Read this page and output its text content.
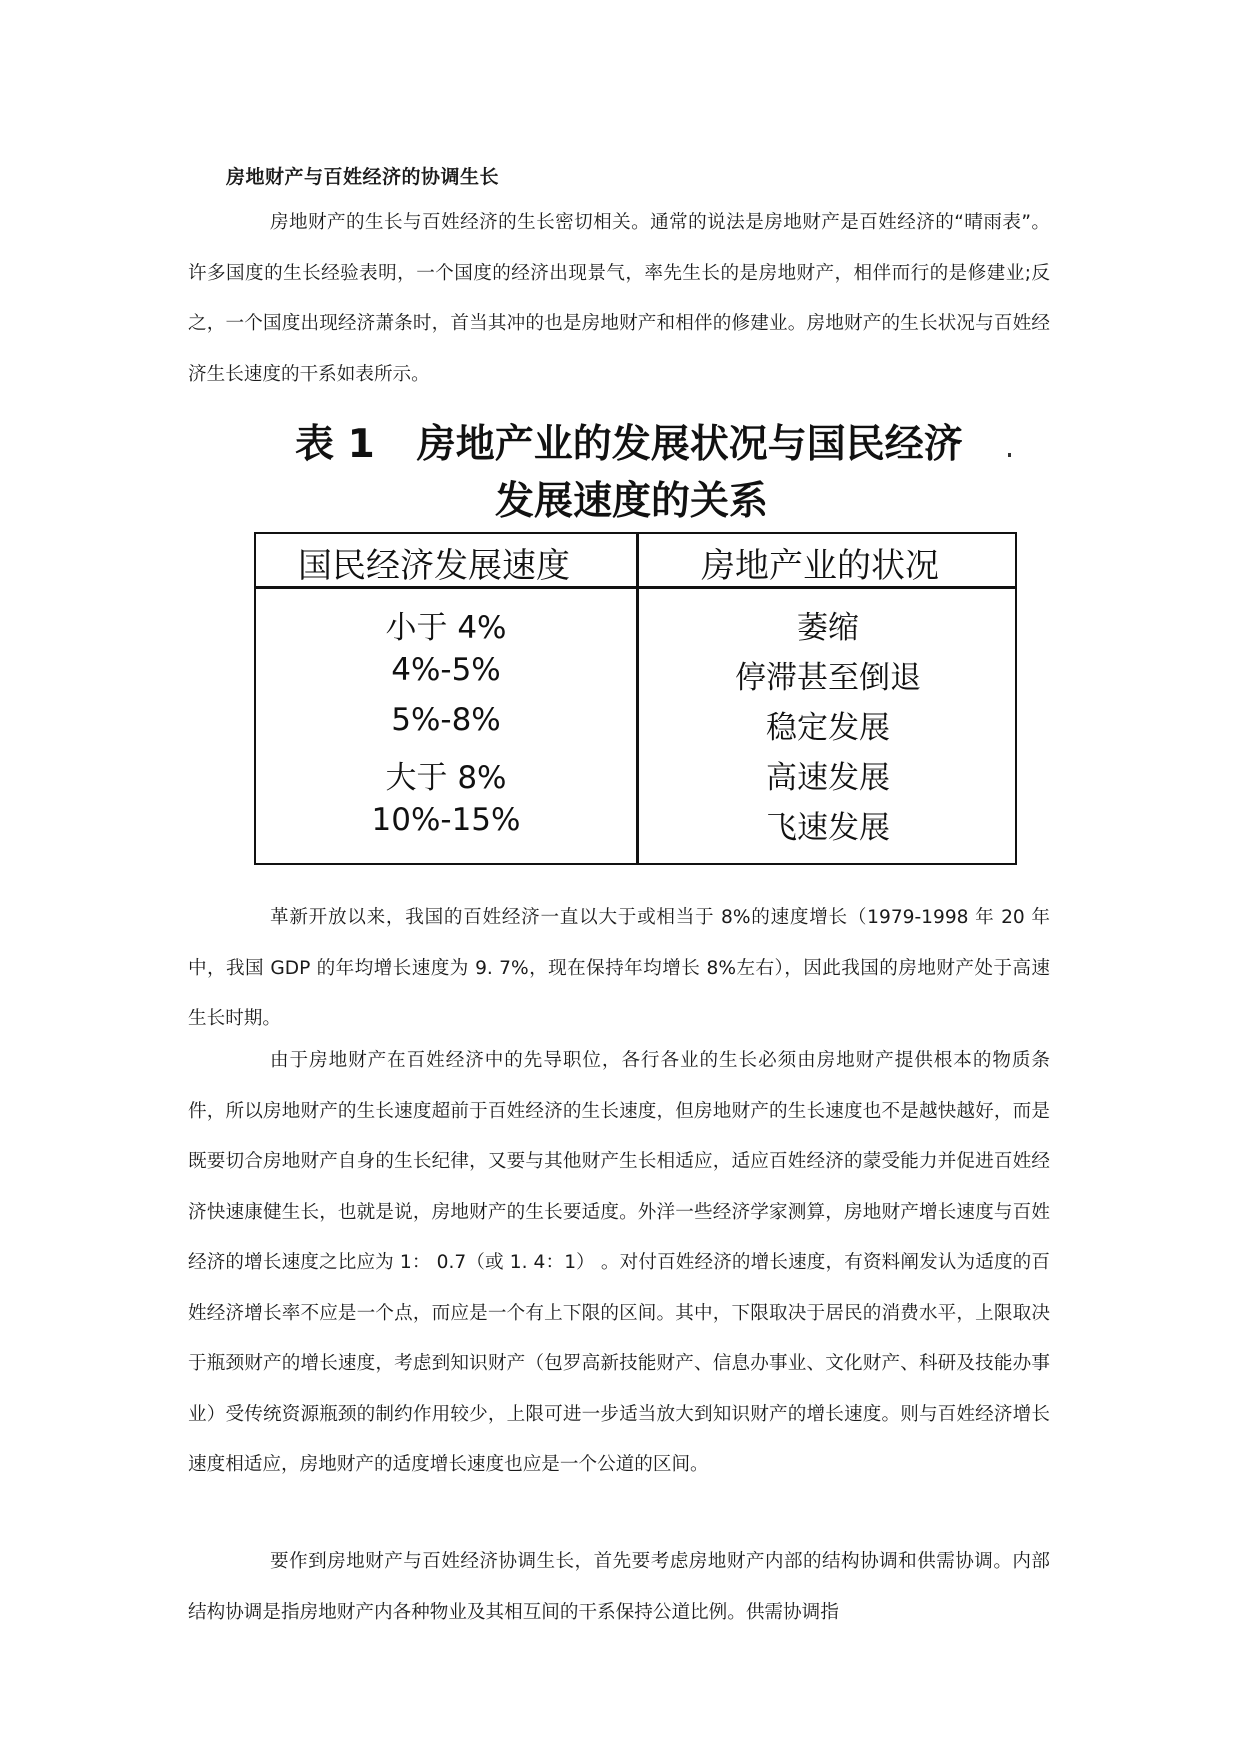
房地财产与百姓经济的协调生长

房地财产的生长与百姓经济的生长密切相关。通常的说法是房地财产是百姓经济的“晴雨表”。许多国度的生长经验表明，一个国度的经济出现景气，率先生长的是房地财产，相伴而行的是修建业;反之，一个国度出现经济萧条时，首当其冲的也是房地财产和相伴的修建业。房地财产的生长状况与百姓经济生长速度的干系如表所示。

表 1 房地产业的发展状况与国民经济
发展速度的关系
国民经济发展速度	房地产业的状况
小于 4%	萎缩
4%-5%	停滞甚至倒退
5%-8%	稳定发展
大于 8%	高速发展
10%-15%	飞速发展

革新开放以来，我国的百姓经济一直以大于或相当于 8%的速度增长（1979-1998 年 20 年中，我国 GDP 的年均增长速度为 9. 7%，现在保持年均增长 8%左右），因此我国的房地财产处于高速生长时期。

由于房地财产在百姓经济中的先导职位，各行各业的生长必须由房地财产提供根本的物质条件，所以房地财产的生长速度超前于百姓经济的生长速度，但房地财产的生长速度也不是越快越好，而是既要切合房地财产自身的生长纪律，又要与其他财产生长相适应，适应百姓经济的蒙受能力并促进百姓经济快速康健生长，也就是说，房地财产的生长要适度。外洋一些经济学家测算，房地财产增长速度与百姓经济的增长速度之比应为 1： 0.7（或 1. 4：1） 。对付百姓经济的增长速度，有资料阐发认为适度的百姓经济增长率不应是一个点，而应是一个有上下限的区间。其中，下限取决于居民的消费水平，上限取决于瓶颈财产的增长速度，考虑到知识财产（包罗高新技能财产、信息办事业、文化财产、科研及技能办事业）受传统资源瓶颈的制约作用较少，上限可进一步适当放大到知识财产的增长速度。则与百姓经济增长速度相适应，房地财产的适度增长速度也应是一个公道的区间。

要作到房地财产与百姓经济协调生长，首先要考虑房地财产内部的结构协调和供需协调。内部结构协调是指房地财产内各种物业及其相互间的干系保持公道比例。供需协调指
